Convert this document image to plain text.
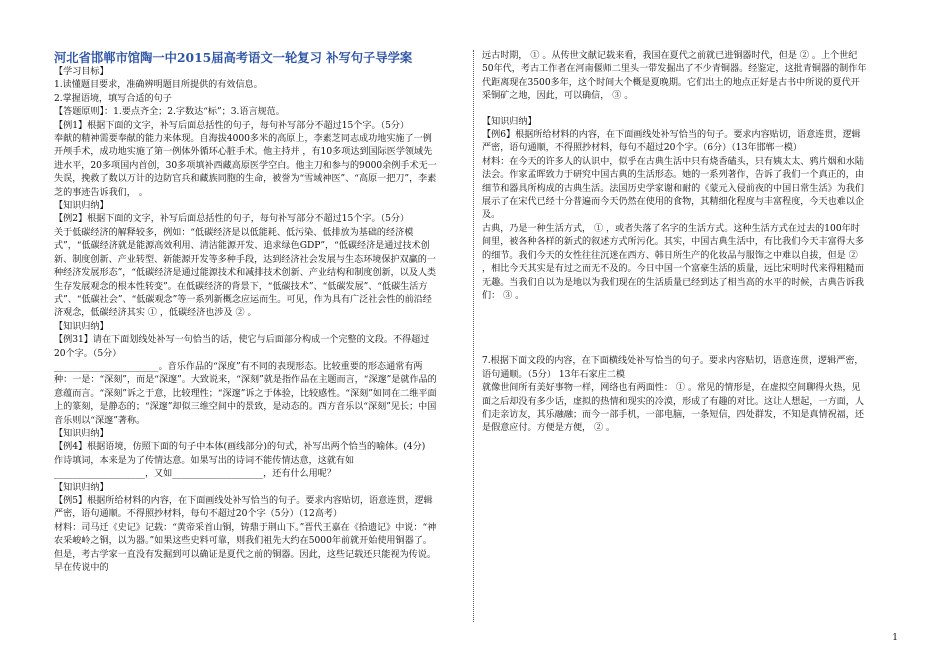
河北省邯郸市馆陶一中2015届高考语文一轮复习 补写句子导学案

【学习目标】

1.读懂题目要求，准确辨明题目所提供的有效信息。

2.掌握语境，填写合适的句子

【答题原则】：1.要点齐全；2.字数达“标”；3.语言规范。

【例1】根据下面的文字，补写后面总括性的句子，每句补写部分不超过15个字。（5分）

奉献的精神需要奉献的能力来体现。自海拔4000多米的高原上，李素芝同志成功地实施了一例开颅手术，成功地实施了第一例体外循环心脏手术。他主持并 ，有10多项达到国际医学领域先进水平，20多项国内首创，30多项填补西藏高原医学空白。他主刀和参与的9000余例手术无一失误，挽救了数以万计的边防官兵和藏族同胞的生命，被誉为“雪域神医”、“高原一把刀”，李素芝的事迹告诉我们， 。

【知识归纳】

【例2】根据下面的文字，补写后面总括性的句子，每句补写部分不超过15个字。（5分）

关于低碳经济的解释较多，例如：“低碳经济是以低能耗、低污染、低排放为基础的经济模式”，“低碳经济就是能源高效利用、清洁能源开发、追求绿色GDP”，“低碳经济是通过技术创新、制度创新、产业转型、新能源开发等多种手段，达到经济社会发展与生态环境保护双赢的一种经济发展形态”，“低碳经济是通过能源技术和减排技术创新、产业结构和制度创新，以及人类生存发展观念的根本性转变”。在低碳经济的背景下，“低碳技术”、“低碳发展”、“低碳生活方式”、“低碳社会”、“低碳观念”等一系列新概念应运而生。可见，作为具有广泛社会性的前沿经济观念，低碳经济其实 ① ，低碳经济也涉及 ② 。

【知识归纳】

【例31】请在下面划线处补写一句恰当的话，使它与后面部分构成一个完整的文段。不得超过20个字。（5分）

_______________________。音乐作品的“深度”有不同的表现形态。比较重要的形态通常有两种：一是：“深刻”，而是“深邃”。大致说来，“深刻”就是指作品在主题而言，“深邃”是就作品的意蕴而言。“深刻”诉之于意，比较理性；“深邃”诉之于体验，比较感性。“深刻”如同在二维平面上的篆刻，是静态的；“深邃”却似三维空间中的景致，是动态的。西方音乐以“深刻”见长；中国音乐则以“深邃”著称。

【知识归纳】

【例4】根据语境，仿照下面的句子中本体(画线部分)的句式，补写出两个恰当的喻体。(4分)

作诗填词，本来是为了传情达意。如果写出的诗词不能传情达意，这就有如____________________，又如____________________，还有什么用呢？

【知识归纳】

【例5】根据所给材料的内容，在下面画线处补写恰当的句子。要求内容贴切，语意连贯，逻辑严密，语句通顺。不得照抄材料，每句不超过20个字（5分）（12高考）

材料：司马迁《史记》记载：“黄帝采首山铜，铸鼎于荆山下。”晋代王嘉在《拾遗记》中说：“神农采峻岭之铜，以为器。”如果这些史料可靠，则我们祖先大约在5000年前就开始使用铜器了。但是，考古学家一直没有发掘到可以确证是夏代之前的铜器。因此，这些记载还只能视为传说。早在传说中的

远古时期， ① 。从传世文献记载来看，我国在夏代之前就已进铜器时代，但是 ② 。上个世纪50年代，考古工作者在河南偃师二里头一带发掘出了不少青铜器。经鉴定，这批青铜器的制作年代距离现在3500多年，这个时间大个概是夏晚期。它们出土的地点正好是古书中所说的夏代开采铜矿之地，因此，可以确信， ③ 。

【知识归纳】

【例6】根据所给材料的内容，在下面画线处补写恰当的句子。要求内容贴切，语意连贯，逻辑严密，语句通顺，不得照抄材料，每句不超过20个字。（6分）（13年邯郸一模）

材料：在今天的许多人的认识中，似乎在古典生活中只有烧香磕头，只有姨太太、鸦片烟和水陆法会。作家孟晖致力于研究中国古典的生活形态。她的一系列著作，告诉了我们一个真正的，由细节和器具所构成的古典生活。法国历史学家谢和耐的《蒙元入侵前夜的中国日常生活》为我们展示了在宋代已经十分普遍而今天仍然在使用的食物，其精细化程度与丰富程度，今天也难以企及。

古典，乃是一种生活方式， ① ，或者失落了名字的生活方式。这种生活方式在过去的100年时间里，被各种各样的新式的叙述方式所污化。其实，中国古典生活中，有比我们今天丰富得大多的细节。我们今天的女性往往沉迷在西方、韩日所生产的化妆品与服饰之中难以自拔，但是 ② ，相比今天其实是有过之而无不及的。今日中国一个富豪生活的质量，远比宋明时代来得粗糙而无趣。当我们自以为是地以为我们现在的生活质量已经到达了相当高的水平的时候，古典告诉我们： ③ 。

7.根据下面文段的内容，在下面横线处补写恰当的句子。要求内容贴切，语意连贯，逻辑严密，语句通顺。（5分） 13年石家庄二模

就像世间所有美好事物一样，网络也有两面性： ① 。常见的情形是，在虚拟空间聊得火热，见面之后却没有多少话，虚拟的热情和现实的冷漠，形成了有趣的对比。这让人想起，一方面，人们走亲访友，其乐融融；而今一部手机，一部电脑，一条短信，四处群发，不知是真情祝福，还是假意应付。方便是方便， ② 。

1
